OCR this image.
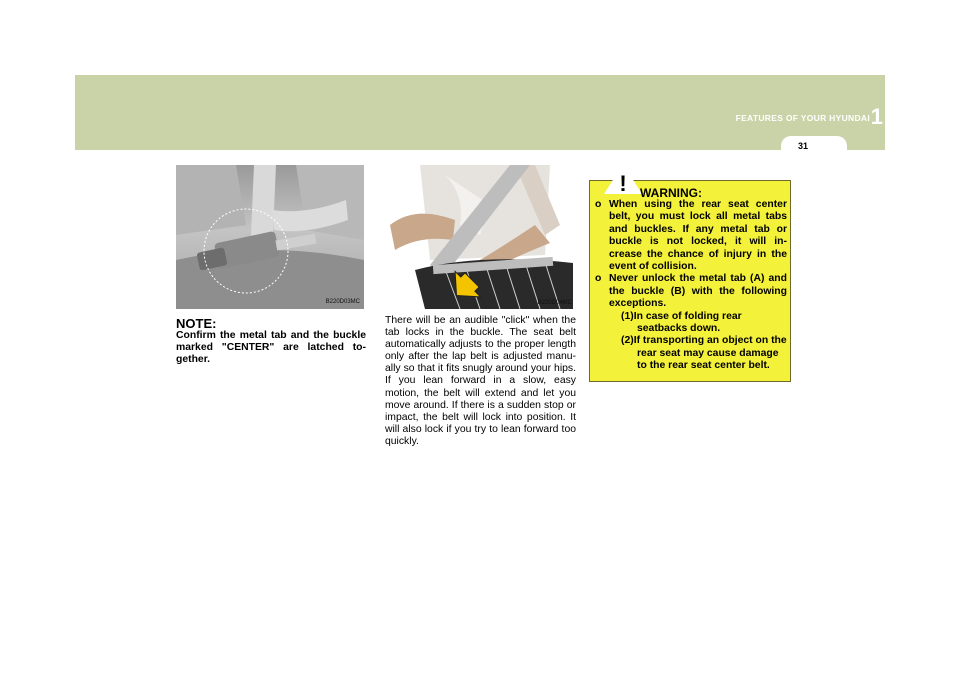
FEATURES OF YOUR HYUNDAI 1
31
B220D03MC	B220D04MC
NOTE:
Confirm the metal tab and the buckle marked "CENTER" are latched to-gether.
There will be an audible "click" when the tab locks in the buckle. The seat belt automatically adjusts to the proper length only after the lap belt is adjusted manu-ally so that it fits snugly around your hips. If you lean forward in a slow, easy motion, the belt will extend and let you move around. If there is a sudden stop or impact, the belt will lock into position. It will also lock if you try to lean forward too quickly.
! WARNING:
o When using the rear seat center belt, you must lock all metal tabs and buckles. If any metal tab or buckle is not locked, it will in-crease the chance of injury in the event of collision.
o Never unlock the metal tab (A) and the buckle (B) with the following exceptions.
(1)In case of folding rear seatbacks down.
(2)If transporting an object on the rear seat may cause damage to the rear seat center belt.
